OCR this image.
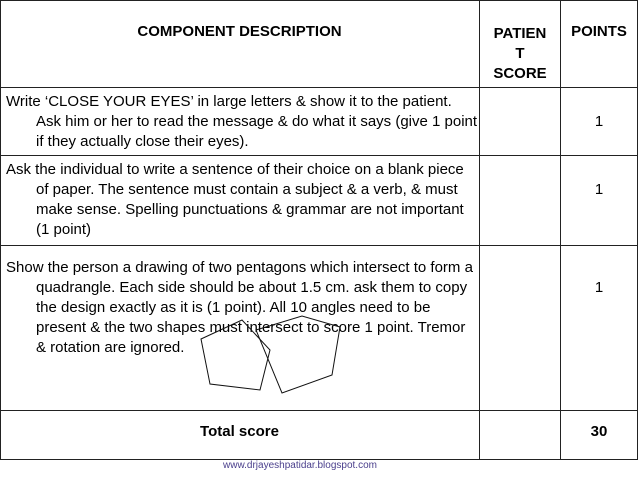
COMPONENT DESCRIPTION	PATIEN
T
SCORE
POINTS
Write ‘CLOSE YOUR EYES’ in large letters & show it to the patient. Ask him or her to read the message & do what it says (give 1 point if they actually close their eyes).
1
Ask the individual to write a sentence of their choice on a blank piece of paper. The sentence must contain a subject & a verb, & must make sense. Spelling punctuations & grammar are not important (1 point)
1
Show the person a drawing of two pentagons which intersect to form a quadrangle. Each side should be about 1.5 cm. ask them to copy the design exactly as it is (1 point). All 10 angles need to be present & the two shapes must intersect to score 1 point. Tremor & rotation are ignored.
1
Total score	30
www.drjayeshpatidar.blogspot.com
